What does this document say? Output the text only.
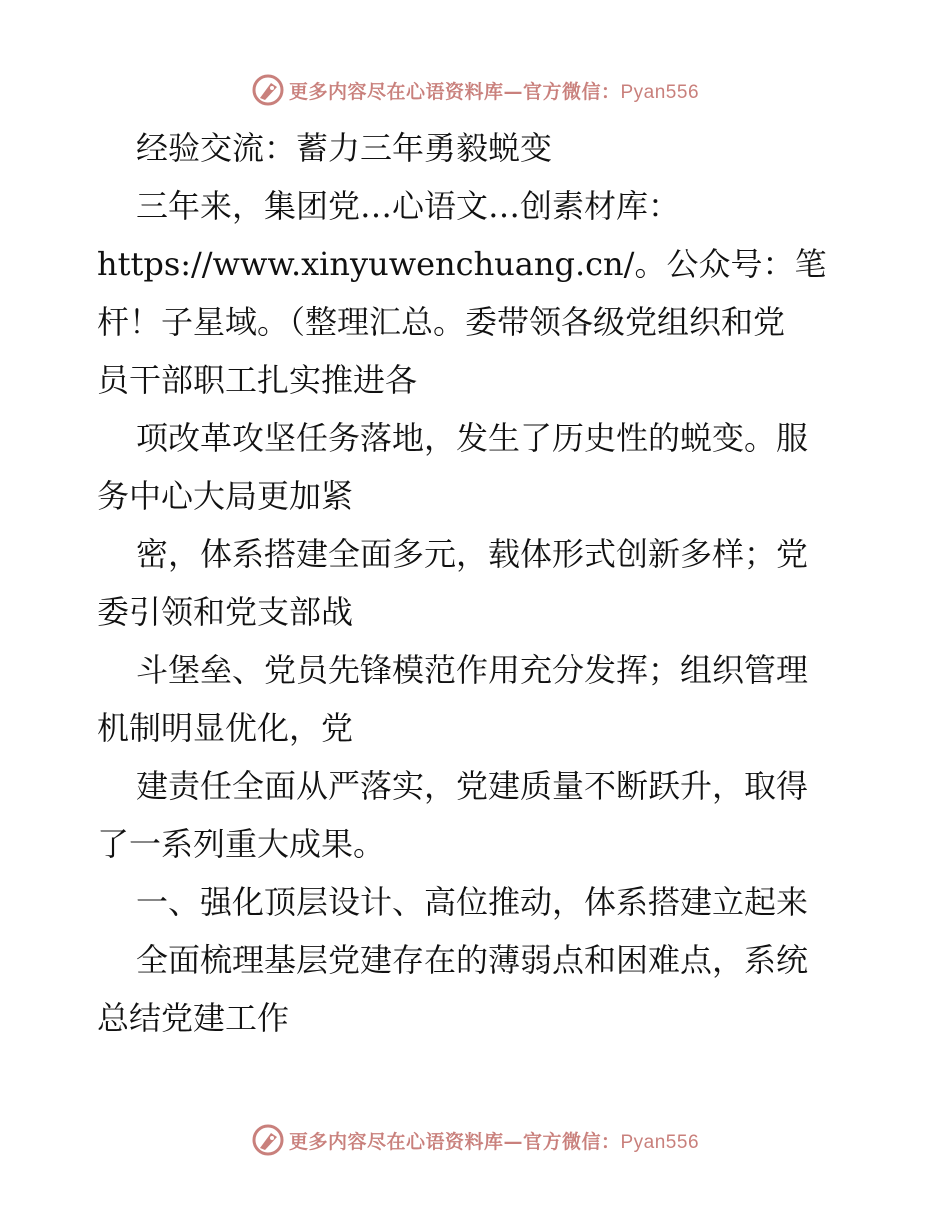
更多内容尽在心语资料库—官方微信：Pyan556
经验交流：蓄力三年勇毅蜕变
三年来，集团党…心语文…创素材库：
https://www.xinyuwenchuang.cn/。公众号：笔
杆！子星域。（整理汇总。委带领各级党组织和党
员干部职工扎实推进各
项改革攻坚任务落地，发生了历史性的蜕变。服
务中心大局更加紧
密，体系搭建全面多元，载体形式创新多样；党
委引领和党支部战
斗堡垒、党员先锋模范作用充分发挥；组织管理
机制明显优化，党
建责任全面从严落实，党建质量不断跃升，取得
了一系列重大成果。
一、强化顶层设计、高位推动，体系搭建立起来
全面梳理基层党建存在的薄弱点和困难点，系统
总结党建工作
更多内容尽在心语资料库—官方微信：Pyan556
